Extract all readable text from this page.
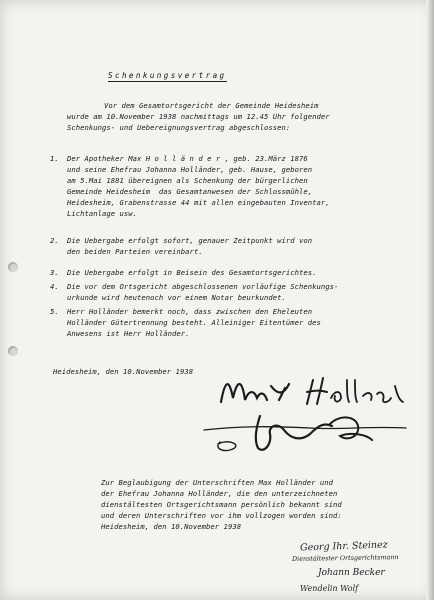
Schenkungsvertrag
Vor dem Gesamtortsgericht der Gemeinde Heidesheim
wurde am 10.November 1938 nachmittags um 12.45 Uhr folgender
Schenkungs- und Uebereignungsvertrag abgeschlossen:
1. Der Apotheker Max H o l l ä n d e r , geb. 23.März 1876
und seine Ehefrau Johanna Holländer, geb. Hause, geboren
am 5.Mai 1881 übereignen als Schenkung der bürgerlichen
Gemeinde Heidesheim  das Gesamtanwesen der Schlossmühle,
Heidesheim, Grabenstrasse 44 mit allen eingebauten Inventar,
Lichtanlage usw.
2. Die Uebergabe erfolgt sofort, genauer Zeitpunkt wird von
den beiden Parteien vereinbart.
3. Die Uebergabe erfolgt in Beisein des Gesamtortsgerichtes.
4. Die vor dem Ortsgericht abgeschlossenen vorläufige Schenkungs-
urkunde wird heutenoch vor einem Notar beurkundet.
5. Herr Holländer bemerkt noch, dass zwischen den Eheleuten
Holländer Gütertrennung besteht. Alleiniger Eitentümer des
Anwesens ist Herr Holländer.
Heidesheim, den 10.November 1938
Zur Beglaubigung der Unterschriften Max Holländer und
der Ehefrau Johanna Holländer, die den unterzeichneten
dienstältesten Ortsgerichtsmann persönlich bekannt sind
und deren Unterschriften vor ihm vollzogen worden sind:
Heidesheim, den 10.November 1938
Georg Ihr. Steinez
Dienstältester Ortsgerichtsmann
Johann Becker
Wendelin Wolf
